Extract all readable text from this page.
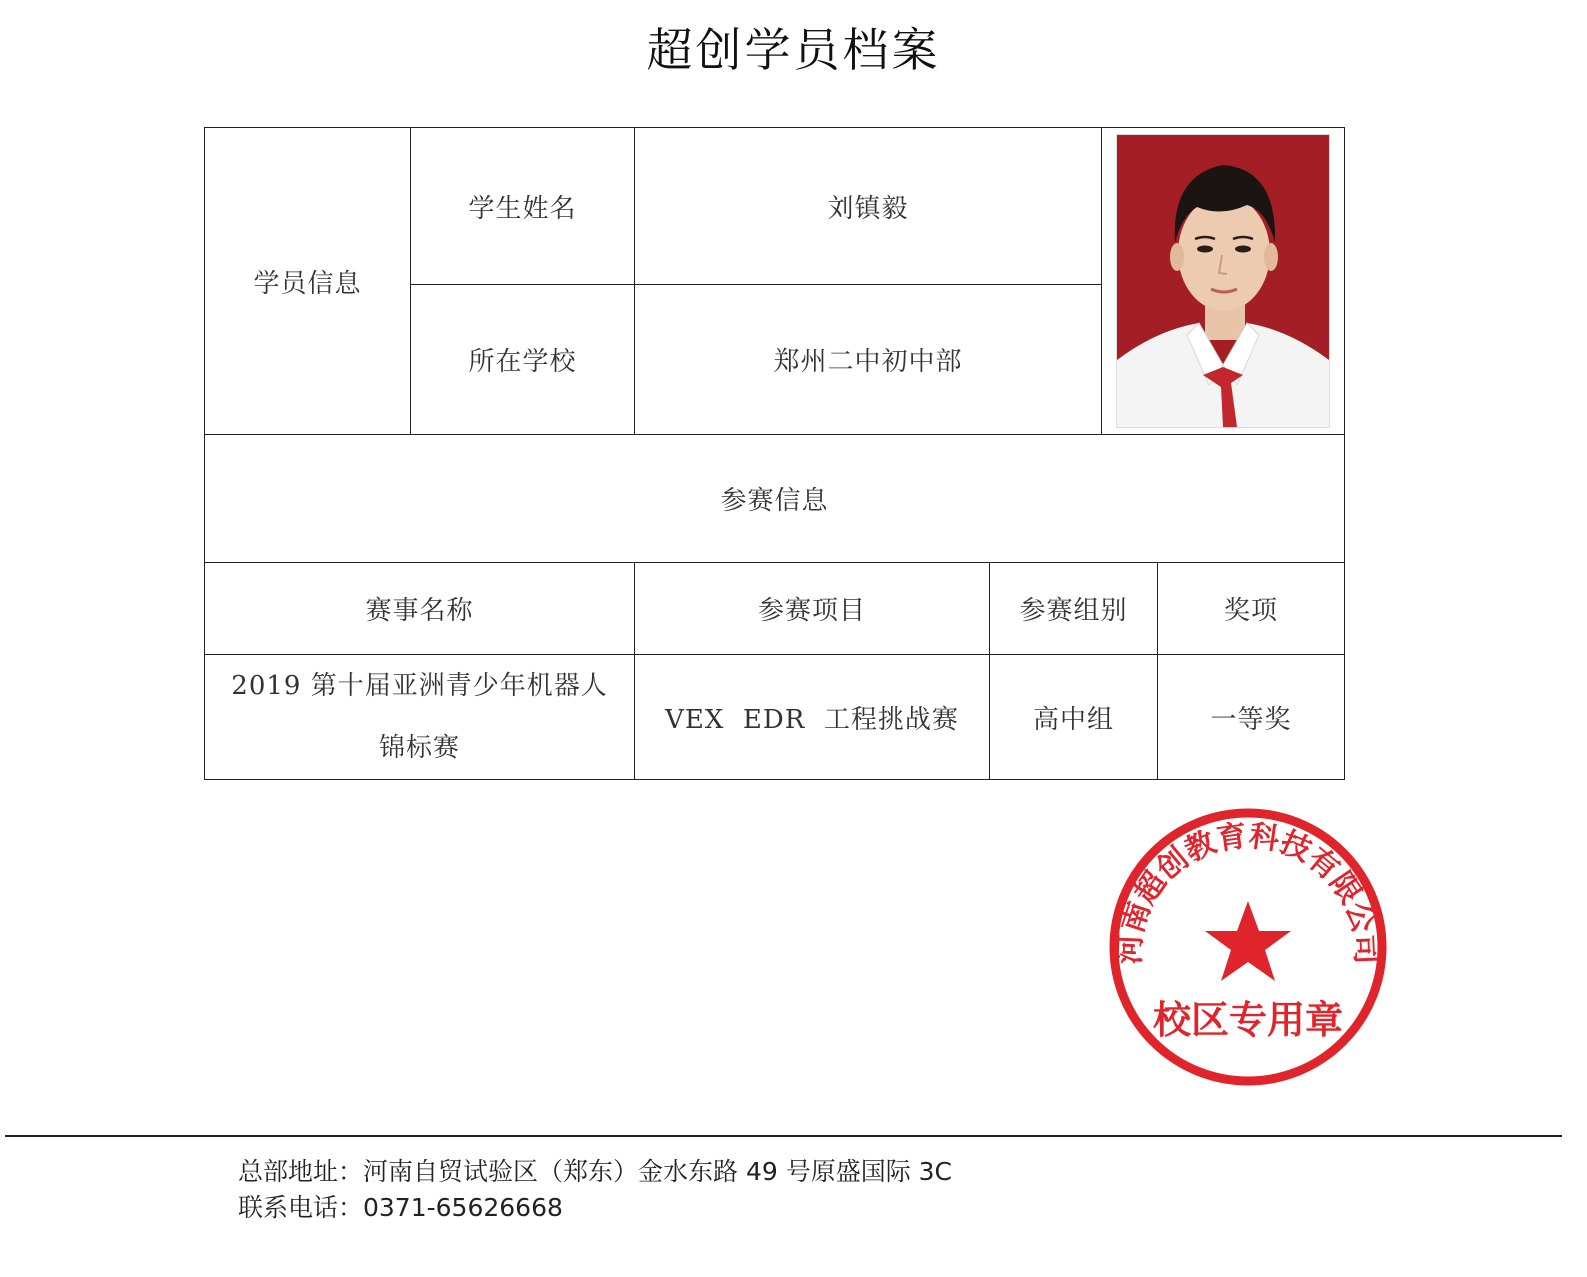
超创学员档案
学员信息	学生姓名	刘镇毅	

	所在学校	郑州二中初中部			
参赛信息					
赛事名称		参赛项目	参赛组别		奖项

2019 第十届亚洲青少年机器人
锦标赛		VEX  EDR  工程挑战赛	高中组		一等奖
河南超创教育科技有限公司
校区专用章
总部地址：河南自贸试验区（郑东）金水东路 49 号原盛国际 3C
联系电话：0371-65626668
